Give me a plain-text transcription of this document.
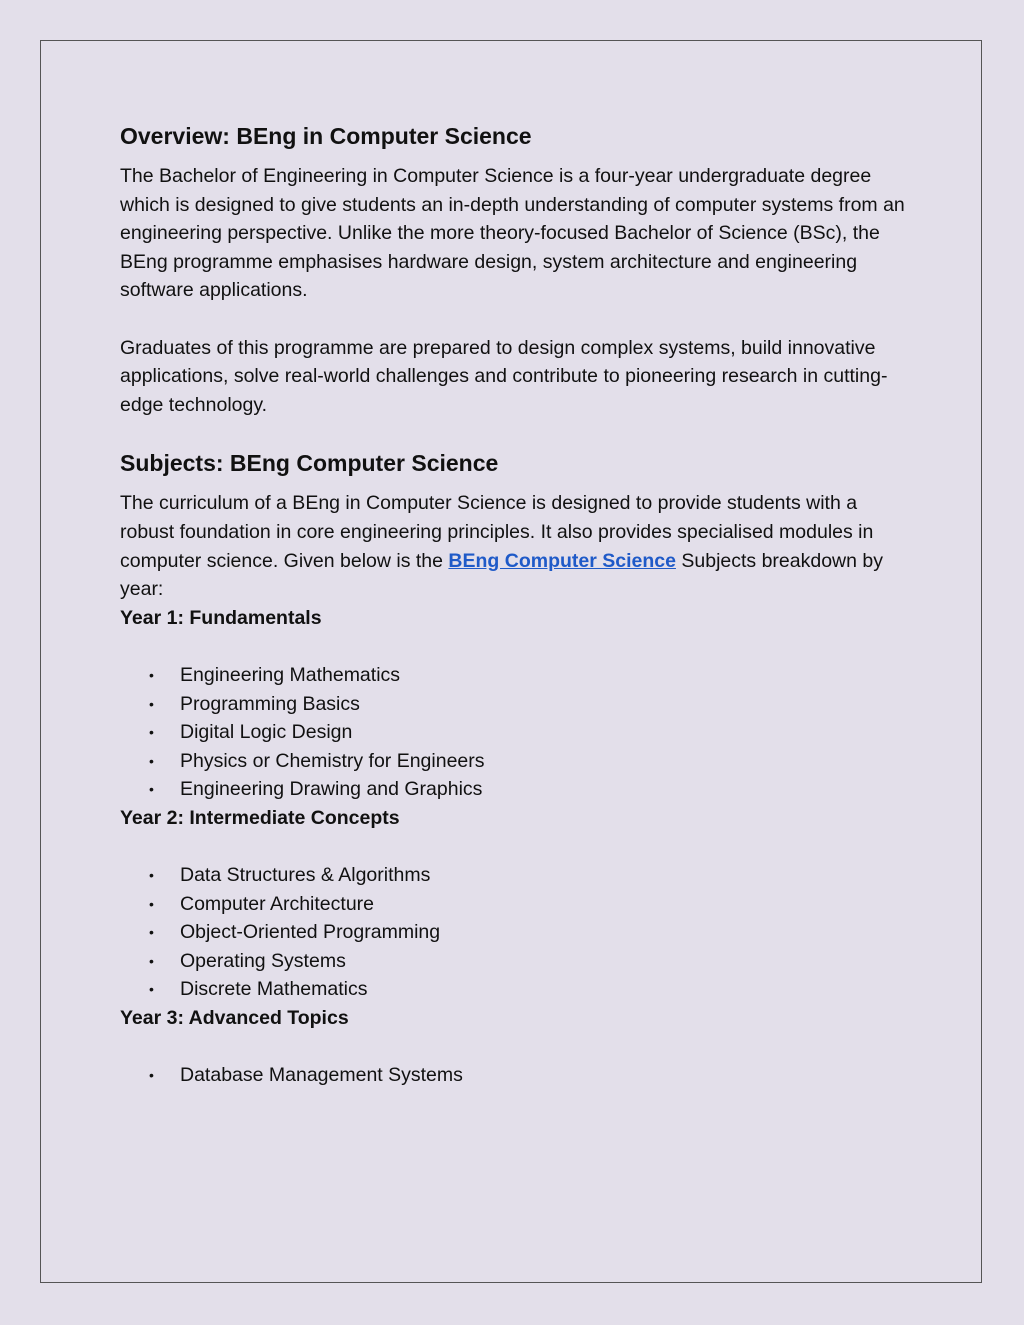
Overview: BEng in Computer Science

The Bachelor of Engineering in Computer Science is a four-year undergraduate degree which is designed to give students an in-depth understanding of computer systems from an engineering perspective. Unlike the more theory-focused Bachelor of Science (BSc), the BEng programme emphasises hardware design, system architecture and engineering software applications.

Graduates of this programme are prepared to design complex systems, build innovative applications, solve real-world challenges and contribute to pioneering research in cutting-edge technology.

Subjects: BEng Computer Science

The curriculum of a BEng in Computer Science is designed to provide students with a robust foundation in core engineering principles. It also provides specialised modules in computer science. Given below is the BEng Computer Science Subjects breakdown by year:

Year 1: Fundamentals

• Engineering Mathematics
• Programming Basics
• Digital Logic Design
• Physics or Chemistry for Engineers
• Engineering Drawing and Graphics

Year 2: Intermediate Concepts

• Data Structures & Algorithms
• Computer Architecture
• Object-Oriented Programming
• Operating Systems
• Discrete Mathematics

Year 3: Advanced Topics

• Database Management Systems
